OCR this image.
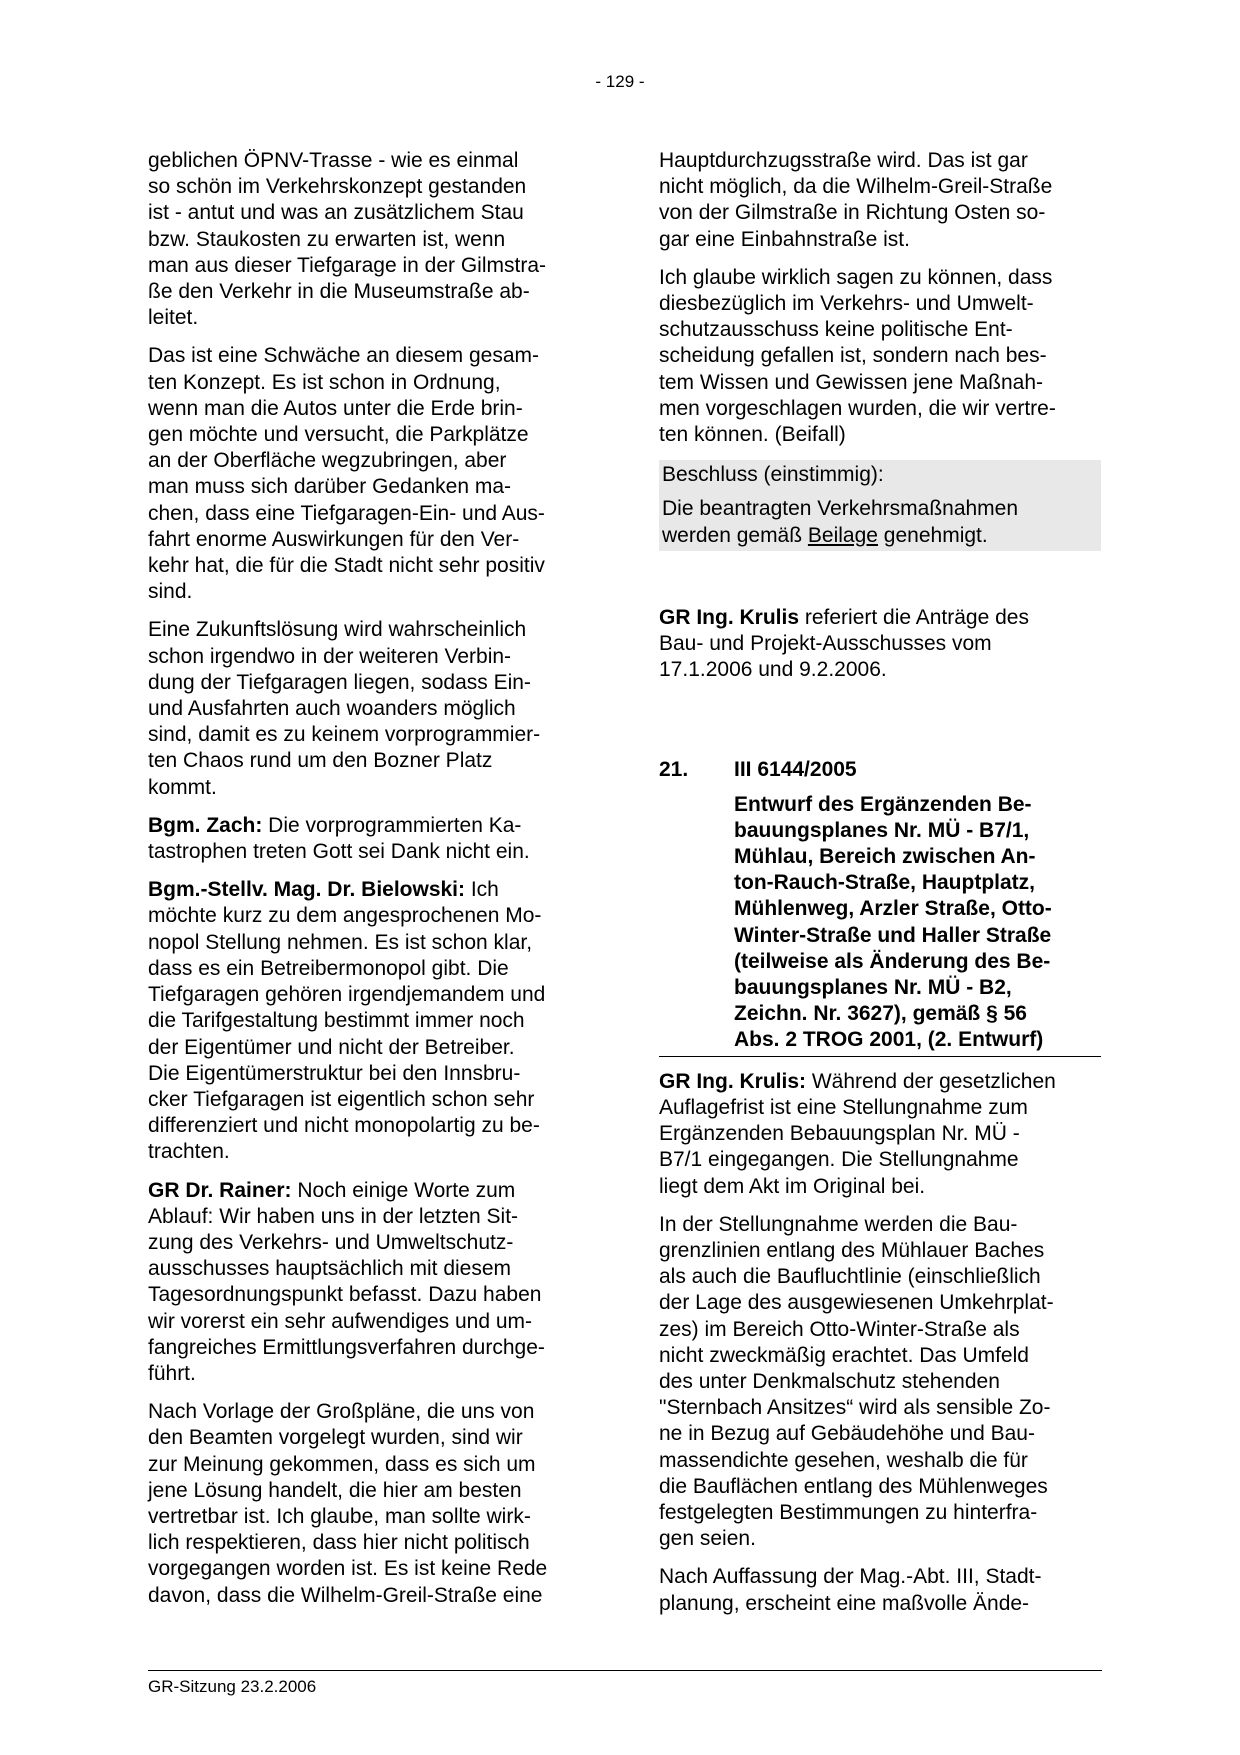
- 129 -

geblichen ÖPNV-Trasse - wie es einmal
so schön im Verkehrskonzept gestanden
ist - antut und was an zusätzlichem Stau
bzw. Staukosten zu erwarten ist, wenn
man aus dieser Tiefgarage in der Gilmstra-
ße den Verkehr in die Museumstraße ab-
leitet.

Das ist eine Schwäche an diesem gesam-
ten Konzept. Es ist schon in Ordnung,
wenn man die Autos unter die Erde brin-
gen möchte und versucht, die Parkplätze
an der Oberfläche wegzubringen, aber
man muss sich darüber Gedanken ma-
chen, dass eine Tiefgaragen-Ein- und Aus-
fahrt enorme Auswirkungen für den Ver-
kehr hat, die für die Stadt nicht sehr positiv
sind.

Eine Zukunftslösung wird wahrscheinlich
schon irgendwo in der weiteren Verbin-
dung der Tiefgaragen liegen, sodass Ein-
und Ausfahrten auch woanders möglich
sind, damit es zu keinem vorprogrammier-
ten Chaos rund um den Bozner Platz
kommt.

Bgm. Zach: Die vorprogrammierten Ka-
tastrophen treten Gott sei Dank nicht ein.

Bgm.-Stellv. Mag. Dr. Bielowski: Ich
möchte kurz zu dem angesprochenen Mo-
nopol Stellung nehmen. Es ist schon klar,
dass es ein Betreibermonopol gibt. Die
Tiefgaragen gehören irgendjemandem und
die Tarifgestaltung bestimmt immer noch
der Eigentümer und nicht der Betreiber.
Die Eigentümerstruktur bei den Innsbru-
cker Tiefgaragen ist eigentlich schon sehr
differenziert und nicht monopolartig zu be-
trachten.

GR Dr. Rainer: Noch einige Worte zum
Ablauf: Wir haben uns in der letzten Sit-
zung des Verkehrs- und Umweltschutz-
ausschusses hauptsächlich mit diesem
Tagesordnungspunkt befasst. Dazu haben
wir vorerst ein sehr aufwendiges und um-
fangreiches Ermittlungsverfahren durchge-
führt.

Nach Vorlage der Großpläne, die uns von
den Beamten vorgelegt wurden, sind wir
zur Meinung gekommen, dass es sich um
jene Lösung handelt, die hier am besten
vertretbar ist. Ich glaube, man sollte wirk-
lich respektieren, dass hier nicht politisch
vorgegangen worden ist. Es ist keine Rede
davon, dass die Wilhelm-Greil-Straße eine

Hauptdurchzugsstraße wird. Das ist gar
nicht möglich, da die Wilhelm-Greil-Straße
von der Gilmstraße in Richtung Osten so-
gar eine Einbahnstraße ist.

Ich glaube wirklich sagen zu können, dass
diesbezüglich im Verkehrs- und Umwelt-
schutzausschuss keine politische Ent-
scheidung gefallen ist, sondern nach bes-
tem Wissen und Gewissen jene Maßnah-
men vorgeschlagen wurden, die wir vertre-
ten können. (Beifall)

Beschluss (einstimmig):

Die beantragten Verkehrsmaßnahmen
werden gemäß Beilage genehmigt.

GR Ing. Krulis referiert die Anträge des
Bau- und Projekt-Ausschusses vom
17.1.2006 und 9.2.2006.

21.	III 6144/2005
Entwurf des Ergänzenden Be-
bauungsplanes Nr. MÜ - B7/1,
Mühlau, Bereich zwischen An-
ton-Rauch-Straße, Hauptplatz,
Mühlenweg, Arzler Straße, Otto-
Winter-Straße und Haller Straße
(teilweise als Änderung des Be-
bauungsplanes Nr. MÜ - B2,
Zeichn. Nr. 3627), gemäß § 56
Abs. 2 TROG 2001, (2. Entwurf)

GR Ing. Krulis: Während der gesetzlichen
Auflagefrist ist eine Stellungnahme zum
Ergänzenden Bebauungsplan Nr. MÜ -
B7/1 eingegangen. Die Stellungnahme
liegt dem Akt im Original bei.

In der Stellungnahme werden die Bau-
grenzlinien entlang des Mühlauer Baches
als auch die Baufluchtlinie (einschließlich
der Lage des ausgewiesenen Umkehrplat-
zes) im Bereich Otto-Winter-Straße als
nicht zweckmäßig erachtet. Das Umfeld
des unter Denkmalschutz stehenden
"Sternbach Ansitzes“ wird als sensible Zo-
ne in Bezug auf Gebäudehöhe und Bau-
massendichte gesehen, weshalb die für
die Bauflächen entlang des Mühlenweges
festgelegten Bestimmungen zu hinterfra-
gen seien.

Nach Auffassung der Mag.-Abt. III, Stadt-
planung, erscheint eine maßvolle Ände-

GR-Sitzung 23.2.2006
